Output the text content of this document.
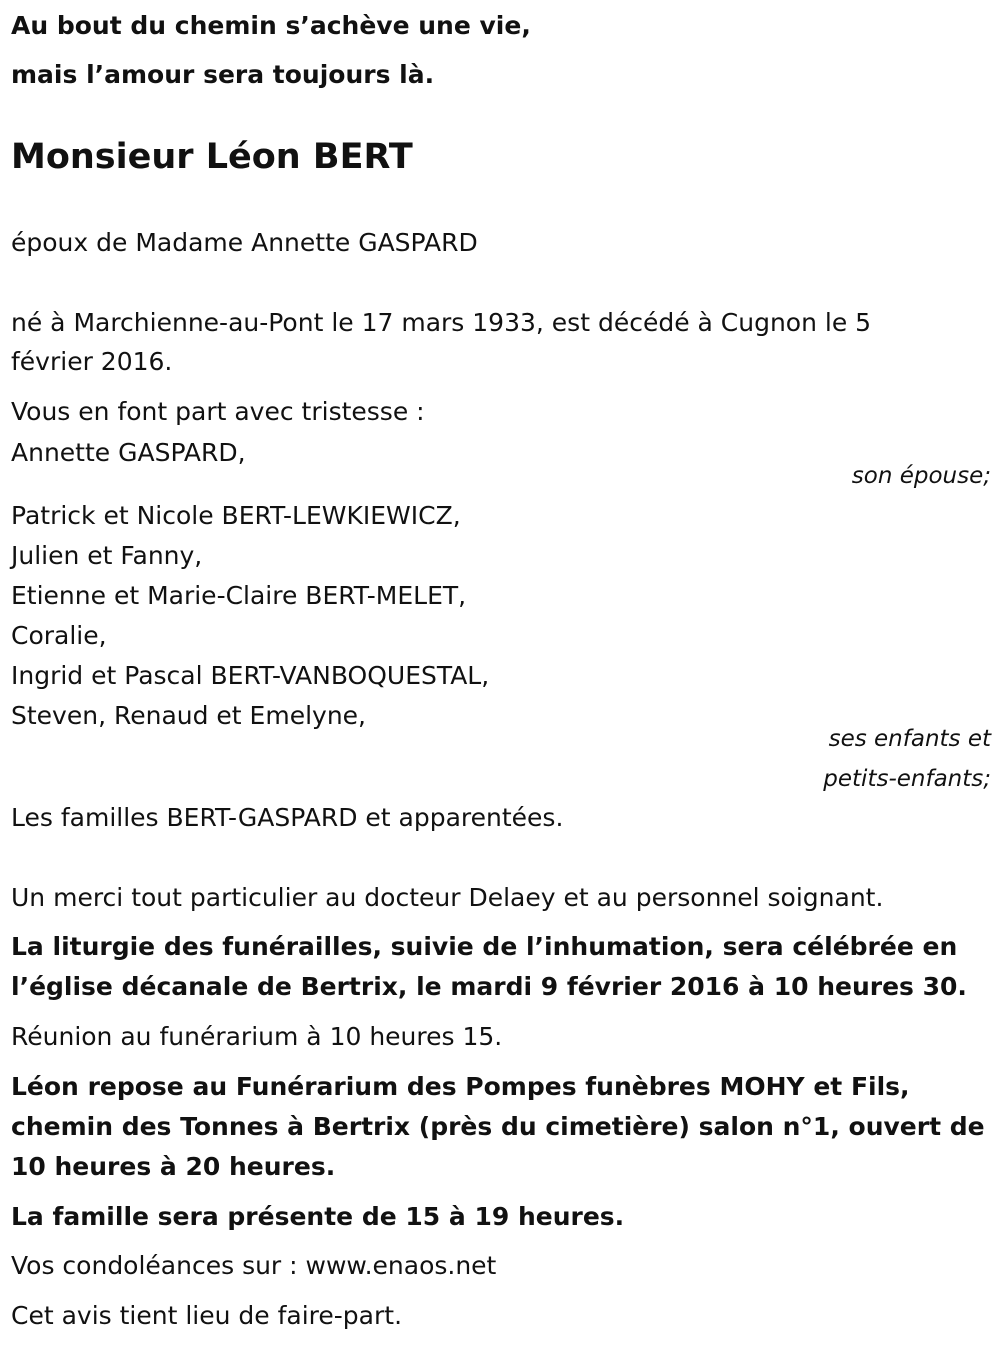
Au bout du chemin s’achève une vie,
mais l’amour sera toujours là.
Monsieur Léon BERT
époux de Madame Annette GASPARD
né à Marchienne-au-Pont le 17 mars 1933, est décédé à Cugnon le 5
février 2016.
Vous en font part avec tristesse :
Annette GASPARD,
son épouse;
Patrick et Nicole BERT-LEWKIEWICZ,
Julien et Fanny,
Etienne et Marie-Claire BERT-MELET,
Coralie,
Ingrid et Pascal BERT-VANBOQUESTAL,
Steven, Renaud et Emelyne,
ses enfants et
petits-enfants;
Les familles BERT-GASPARD et apparentées.
Un merci tout particulier au docteur Delaey et au personnel soignant.
La liturgie des funérailles, suivie de l’inhumation, sera célébrée en
l’église décanale de Bertrix, le mardi 9 février 2016 à 10 heures 30.
Réunion au funérarium à 10 heures 15.
Léon repose au Funérarium des Pompes funèbres MOHY et Fils,
chemin des Tonnes à Bertrix (près du cimetière) salon n°1, ouvert de
10 heures à 20 heures.
La famille sera présente de 15 à 19 heures.
Vos condoléances sur : www.enaos.net
Cet avis tient lieu de faire-part.
